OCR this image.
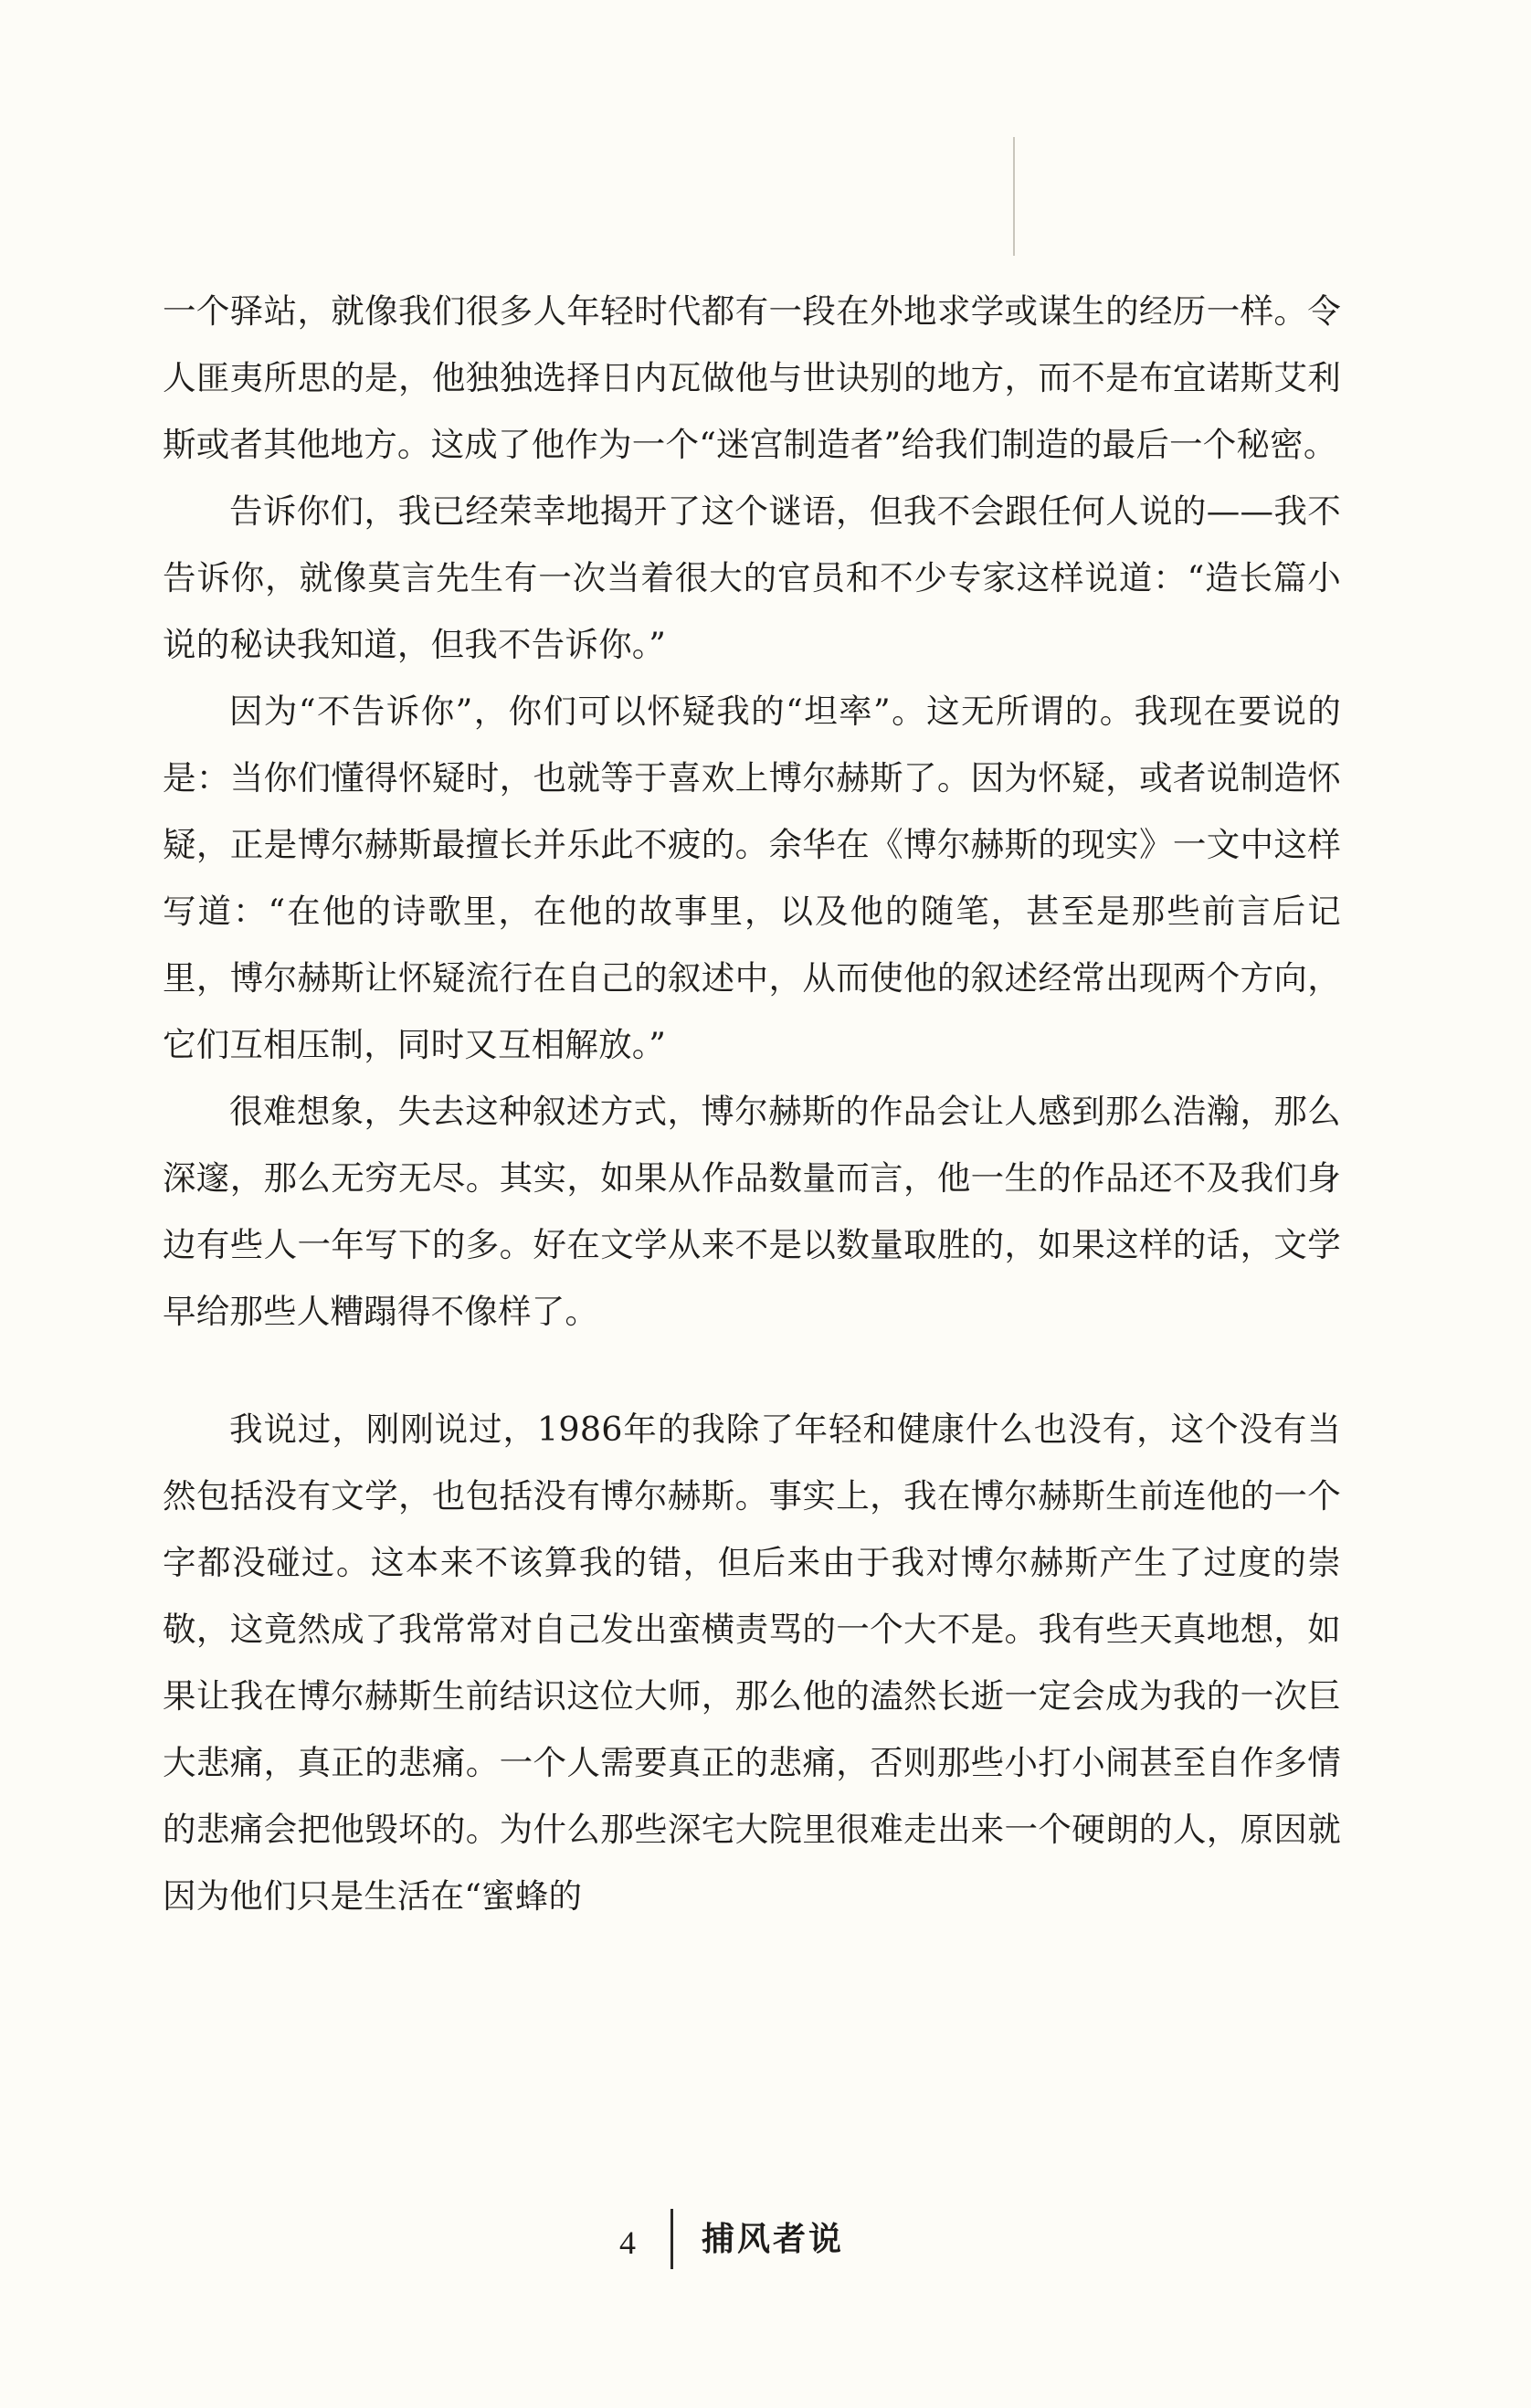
一个驿站，就像我们很多人年轻时代都有一段在外地求学或谋生的经历一样。令人匪夷所思的是，他独独选择日内瓦做他与世诀别的地方，而不是布宜诺斯艾利斯或者其他地方。这成了他作为一个“迷宫制造者”给我们制造的最后一个秘密。

告诉你们，我已经荣幸地揭开了这个谜语，但我不会跟任何人说的——我不告诉你，就像莫言先生有一次当着很大的官员和不少专家这样说道：“造长篇小说的秘诀我知道，但我不告诉你。”

因为“不告诉你”，你们可以怀疑我的“坦率”。这无所谓的。我现在要说的是：当你们懂得怀疑时，也就等于喜欢上博尔赫斯了。因为怀疑，或者说制造怀疑，正是博尔赫斯最擅长并乐此不疲的。余华在《博尔赫斯的现实》一文中这样写道：“在他的诗歌里，在他的故事里，以及他的随笔，甚至是那些前言后记里，博尔赫斯让怀疑流行在自己的叙述中，从而使他的叙述经常出现两个方向，它们互相压制，同时又互相解放。”

很难想象，失去这种叙述方式，博尔赫斯的作品会让人感到那么浩瀚，那么深邃，那么无穷无尽。其实，如果从作品数量而言，他一生的作品还不及我们身边有些人一年写下的多。好在文学从来不是以数量取胜的，如果这样的话，文学早给那些人糟蹋得不像样了。

我说过，刚刚说过，1986年的我除了年轻和健康什么也没有，这个没有当然包括没有文学，也包括没有博尔赫斯。事实上，我在博尔赫斯生前连他的一个字都没碰过。这本来不该算我的错，但后来由于我对博尔赫斯产生了过度的崇敬，这竟然成了我常常对自己发出蛮横责骂的一个大不是。我有些天真地想，如果让我在博尔赫斯生前结识这位大师，那么他的溘然长逝一定会成为我的一次巨大悲痛，真正的悲痛。一个人需要真正的悲痛，否则那些小打小闹甚至自作多情的悲痛会把他毁坏的。为什么那些深宅大院里很难走出来一个硬朗的人，原因就因为他们只是生活在“蜜蜂的

4 捕风者说
